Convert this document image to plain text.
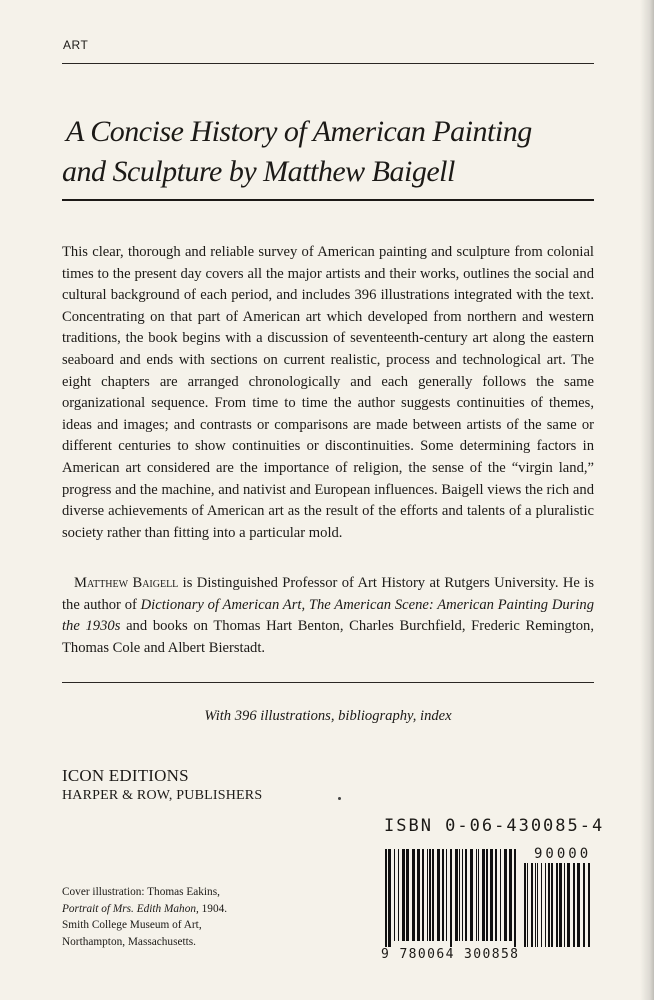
ART
A Concise History of American Painting
and Sculpture by Matthew Baigell

This clear, thorough and reliable survey of American painting and sculpture from colonial times to the present day covers all the major artists and their works, outlines the social and cultural background of each period, and includes 396 illustrations integrated with the text. Concentrating on that part of American art which developed from northern and western traditions, the book begins with a discussion of seventeenth-century art along the eastern seaboard and ends with sections on current realistic, process and technological art. The eight chapters are arranged chronologically and each generally follows the same organizational sequence. From time to time the author suggests continuities of themes, ideas and images; and contrasts or comparisons are made between artists of the same or different centuries to show continuities or discontinuities. Some determining factors in American art considered are the importance of religion, the sense of the “virgin land,” progress and the machine, and nativist and European influences. Baigell views the rich and diverse achievements of American art as the result of the efforts and talents of a pluralistic society rather than fitting into a particular mold.

Matthew Baigell is Distinguished Professor of Art History at Rutgers University. He is the author of Dictionary of American Art, The American Scene: American Painting During the 1930s and books on Thomas Hart Benton, Charles Burchfield, Frederic Remington, Thomas Cole and Albert Bierstadt.

With 396 illustrations, bibliography, index
ICON EDITIONS
HARPER & ROW, PUBLISHERS
ISBN 0-06-430085-4
90000
9 780064 300858
Cover illustration: Thomas Eakins,
Portrait of Mrs. Edith Mahon, 1904.
Smith College Museum of Art,
Northampton, Massachusetts.
